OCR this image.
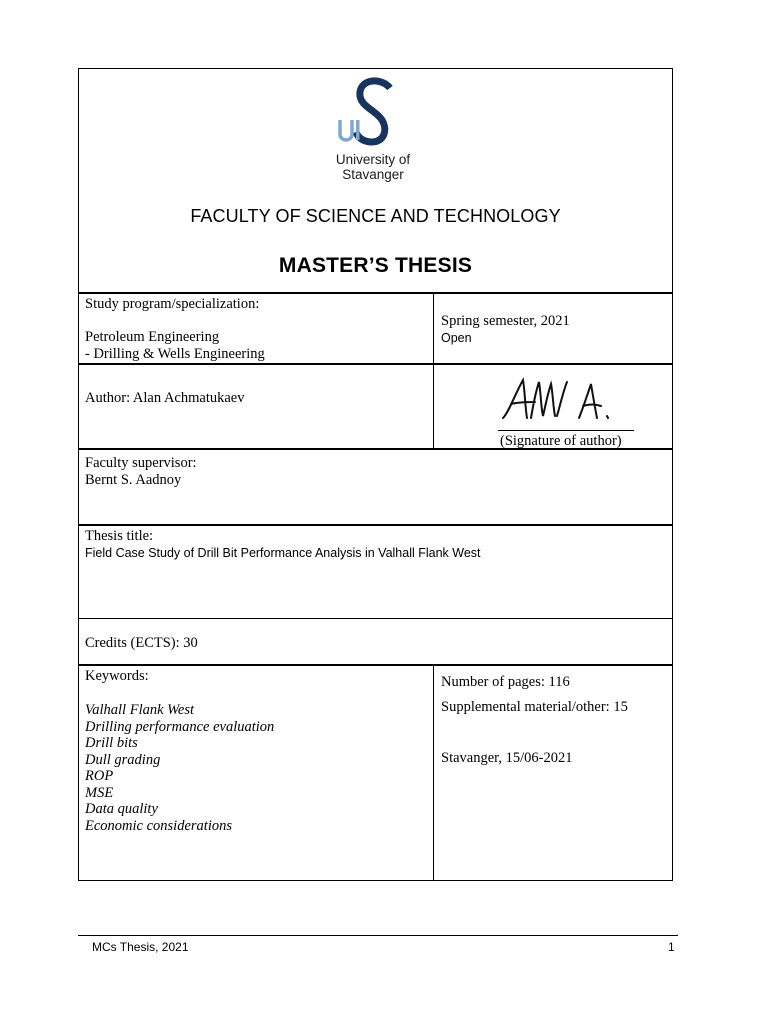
University of
Stavanger
FACULTY OF SCIENCE AND TECHNOLOGY
MASTER’S THESIS
Study program/specialization:
Petroleum Engineering
- Drilling & Wells Engineering
Spring semester, 2021
Open
Author: Alan Achmatukaev
(Signature of author)
Faculty supervisor:
Bernt S. Aadnoy
Thesis title:
Field Case Study of Drill Bit Performance Analysis in Valhall Flank West
Credits (ECTS): 30
Keywords:
Valhall Flank West
Drilling performance evaluation
Drill bits
Dull grading
ROP
MSE
Data quality
Economic considerations
Number of pages: 116
Supplemental material/other: 15
Stavanger, 15/06-2021
MCs Thesis, 2021	1
